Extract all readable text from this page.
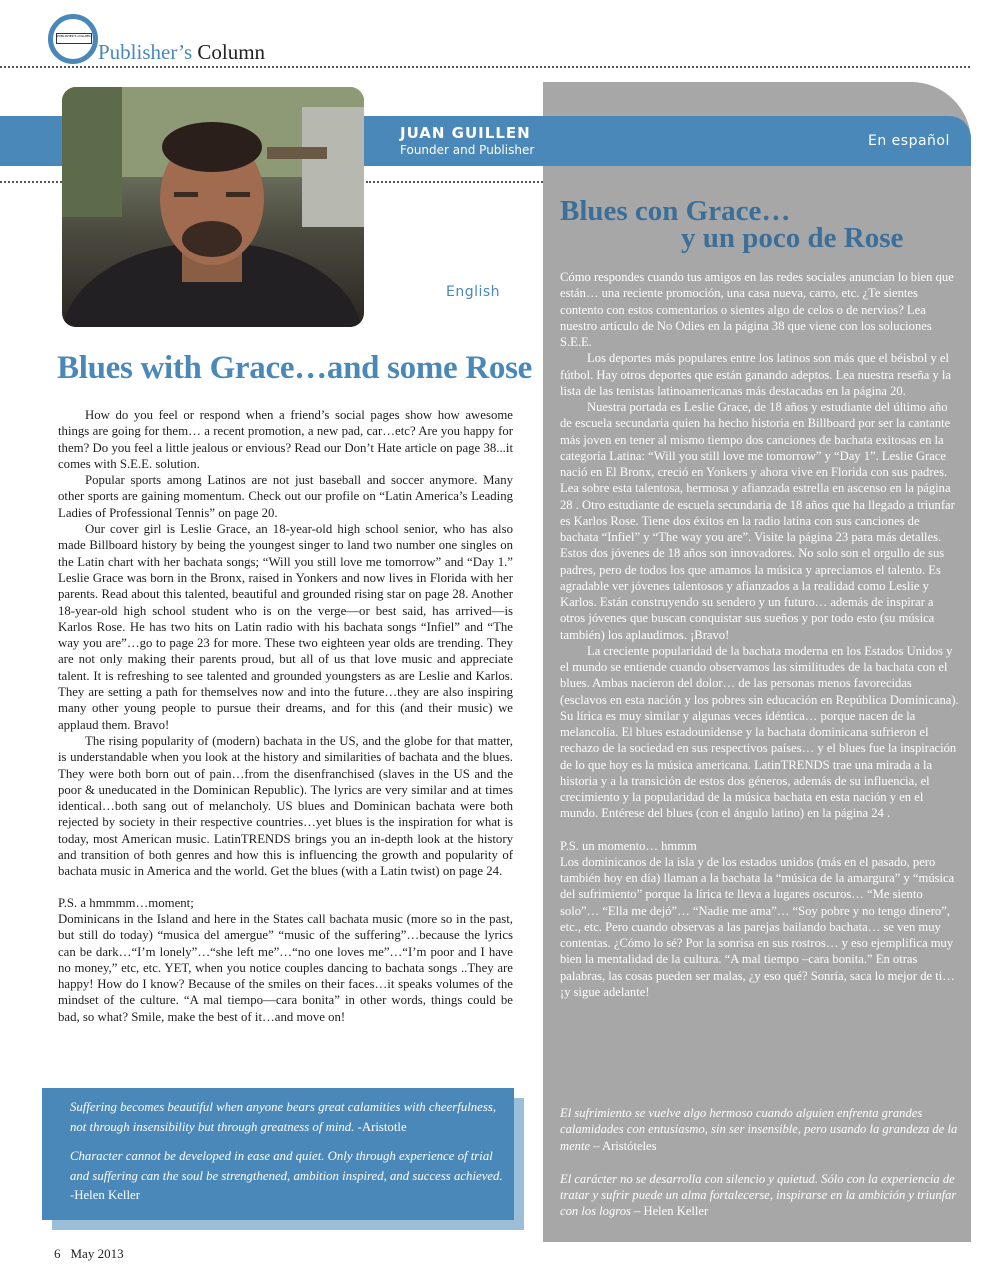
PUBLISHER'S COLUMN
Publisher’s Column
JUAN GUILLEN
Founder and Publisher
En español
English
Blues with Grace…and some Rose
Blues con Grace…
y un poco de Rose

How do you feel or respond when a friend’s social pages show how awesome things are going for them… a recent promotion, a new pad, car…etc? Are you happy for them? Do you feel a little jealous or envious? Read our Don’t Hate article on page 38...it comes with S.E.E. solution.

Popular sports among Latinos are not just baseball and soccer anymore. Many other sports are gaining momentum. Check out our profile on “Latin America’s Leading Ladies of Professional Tennis” on page 20.

Our cover girl is Leslie Grace, an 18-year-old high school senior, who has also made Billboard history by being the youngest singer to land two number one singles on the Latin chart with her bachata songs; “Will you still love me tomorrow” and “Day 1.” Leslie Grace was born in the Bronx, raised in Yonkers and now lives in Florida with her parents. Read about this talented, beautiful and grounded rising star on page 28. Another 18-year-old high school student who is on the verge—or best said, has arrived—is Karlos Rose. He has two hits on Latin radio with his bachata songs “Infiel” and “The way you are”…go to page 23 for more. These two eighteen year olds are trending. They are not only making their parents proud, but all of us that love music and appreciate talent. It is refreshing to see talented and grounded youngsters as are Leslie and Karlos. They are setting a path for themselves now and into the future…they are also inspiring many other young people to pursue their dreams, and for this (and their music) we applaud them. Bravo!

The rising popularity of (modern) bachata in the US, and the globe for that matter, is understandable when you look at the history and similarities of bachata and the blues. They were both born out of pain…from the disenfranchised (slaves in the US and the poor & uneducated in the Dominican Republic). The lyrics are very similar and at times identical…both sang out of melancholy. US blues and Dominican bachata were both rejected by society in their respective countries…yet blues is the inspiration for what is today, most American music. LatinTRENDS brings you an in-depth look at the history and transition of both genres and how this is influencing the growth and popularity of bachata music in America and the world. Get the blues (with a Latin twist) on page 24.

P.S. a hmmmm…moment;

Dominicans in the Island and here in the States call bachata music (more so in the past, but still do today) “musica del amergue” “music of the suffering”…because the lyrics can be dark…“I’m lonely”…“she left me”…“no one loves me”…“I’m poor and I have no money,” etc, etc. YET, when you notice couples dancing to bachata songs ..They are happy! How do I know? Because of the smiles on their faces…it speaks volumes of the mindset of the culture. “A mal tiempo—cara bonita” in other words, things could be bad, so what? Smile, make the best of it…and move on!

Suffering becomes beautiful when anyone bears great calamities with cheerfulness, not through insensibility but through greatness of mind. -Aristotle

Character cannot be developed in ease and quiet. Only through experience of trial and suffering can the soul be strengthened, ambition inspired, and success achieved. -Helen Keller

Cómo respondes cuando tus amigos en las redes sociales anuncian lo bien que están… una reciente promoción, una casa nueva, carro, etc. ¿Te sientes contento con estos comentarios o sientes algo de celos o de nervios? Lea nuestro artículo de No Odies en la página 38 que viene con los soluciones S.E.E.

Los deportes más populares entre los latinos son más que el béisbol y el fútbol. Hay otros deportes que están ganando adeptos. Lea nuestra reseña y la lista de las tenistas latinoamericanas más destacadas en la página 20.

Nuestra portada es Leslie Grace, de 18 años y estudiante del último año de escuela secundaria quien ha hecho historia en Billboard por ser la cantante más joven en tener al mismo tiempo dos canciones de bachata exitosas en la categoría Latina: “Will you still love me tomorrow” y “Day 1”. Leslie Grace nació en El Bronx, creció en Yonkers y ahora vive en Florida con sus padres. Lea sobre esta talentosa, hermosa y afianzada estrella en ascenso en la página 28 . Otro estudiante de escuela secundaria de 18 años que ha llegado a triunfar es Karlos Rose. Tiene dos éxitos en la radio latina con sus canciones de bachata “Infiel” y “The way you are”. Visite la página 23 para más detalles. Estos dos jóvenes de 18 años son innovadores. No solo son el orgullo de sus padres, pero de todos los que amamos la música y apreciamos el talento. Es agradable ver jóvenes talentosos y afianzados a la realidad como Leslie y Karlos. Están construyendo su sendero y un futuro… además de inspirar a otros jóvenes que buscan conquistar sus sueños y por todo esto (su música también) los aplaudimos. ¡Bravo!

La creciente popularidad de la bachata moderna en los Estados Unidos y el mundo se entiende cuando observamos las similitudes de la bachata con el blues. Ambas nacieron del dolor… de las personas menos favorecidas (esclavos en esta nación y los pobres sin educación en República Dominicana). Su lírica es muy similar y algunas veces idéntica… porque nacen de la melancolía. El blues estadounidense y la bachata dominicana sufrieron el rechazo de la sociedad en sus respectivos países… y el blues fue la inspiración de lo que hoy es la música americana. LatinTRENDS trae una mirada a la historia y a la transición de estos dos géneros, además de su influencia, el crecimiento y la popularidad de la música bachata en esta nación y en el mundo. Entérese del blues (con el ángulo latino) en la página 24 .

P.S. un momento… hmmm

Los dominicanos de la isla y de los estados unidos (más en el pasado, pero también hoy en día) llaman a la bachata la “música de la amargura” y “música del sufrimiento” porque la lírica te lleva a lugares oscuros… “Me siento solo”… “Ella me dejó”… “Nadie me ama”… “Soy pobre y no tengo dinero”, etc., etc. Pero cuando observas a las parejas bailando bachata… se ven muy contentas. ¿Cómo lo sé? Por la sonrisa en sus rostros… y eso ejemplifica muy bien la mentalidad de la cultura. “A mal tiempo –cara bonita.” En otras palabras, las cosas pueden ser malas, ¿y eso qué? Sonría, saca lo mejor de ti… ¡y sigue adelante!

El sufrimiento se vuelve algo hermoso cuando alguien enfrenta grandes calamidades con entusiasmo, sin ser insensible, pero usando la grandeza de la mente – Aristóteles

El carácter no se desarrolla con silencio y quietud. Sólo con la experiencia de tratar y sufrir puede un alma fortalecerse, inspirarse en la ambición y triunfar con los logros – Helen Keller

6 May 2013
